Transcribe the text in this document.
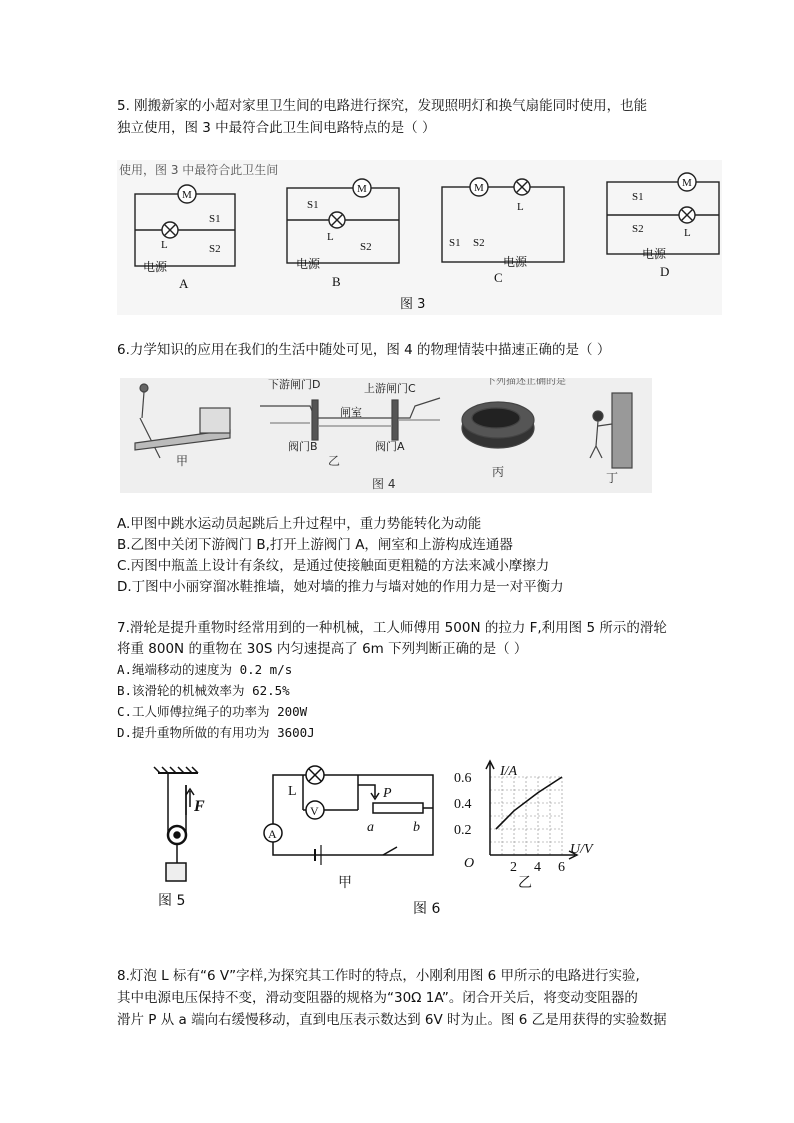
5. 刚搬新家的小超对家里卫生间的电路进行探究，发现照明灯和换气扇能同时使用，也能
独立使用，图 3 中最符合此卫生间电路特点的是（ ）
使用，图 3 中最符合此卫生间
M
S1
L	S2
电源
A
M
S1
L
S2
电源
B
M
L
S1 S2
电源
C
M
S1
S2	L
电源
D
图 3
6.力学知识的应用在我们的生活中随处可见，图 4 的物理情装中描速正确的是（ ）
甲
下游闸门D	上游闸门C
闸室
阀门B	阀门A
乙
下列描述正确的是
丙	丁
图 4
A.甲图中跳水运动员起跳后上升过程中，重力势能转化为动能
B.乙图中关闭下游阀门 B,打开上游阀门 A，闸室和上游构成连通器
C.丙图中瓶盖上设计有条纹，是通过使接触面更粗糙的方法来减小摩擦力
D.丁图中小丽穿溜冰鞋推墙，她对墙的推力与墙对她的作用力是一对平衡力
7.滑轮是提升重物时经常用到的一种机械，工人师傅用 500N 的拉力 F,利用图 5 所示的滑轮
将重 800N 的重物在 30S 内匀速提高了 6m 下列判断正确的是（ ）
A.绳端移动的速度为 0.2 m/s
B.该滑轮的机械效率为 62.5%
C.工人师傅拉绳子的功率为 200W
D.提升重物所做的有用功为 3600J
F
图 5
L
V
A
P
a	b
甲
图 6
I/A
U/V
O
0.2
0.4
0.6
2 4 6
乙
8.灯泡 L 标有“6 V”字样,为探究其工作时的特点，小刚利用图 6 甲所示的电路进行实验,
其中电源电压保持不变，滑动变阻器的规格为“30Ω 1A”。闭合开关后，将变动变阻器的
滑片 P 从 a 端向右缓慢移动，直到电压表示数达到 6V 时为止。图 6 乙是用获得的实验数据
